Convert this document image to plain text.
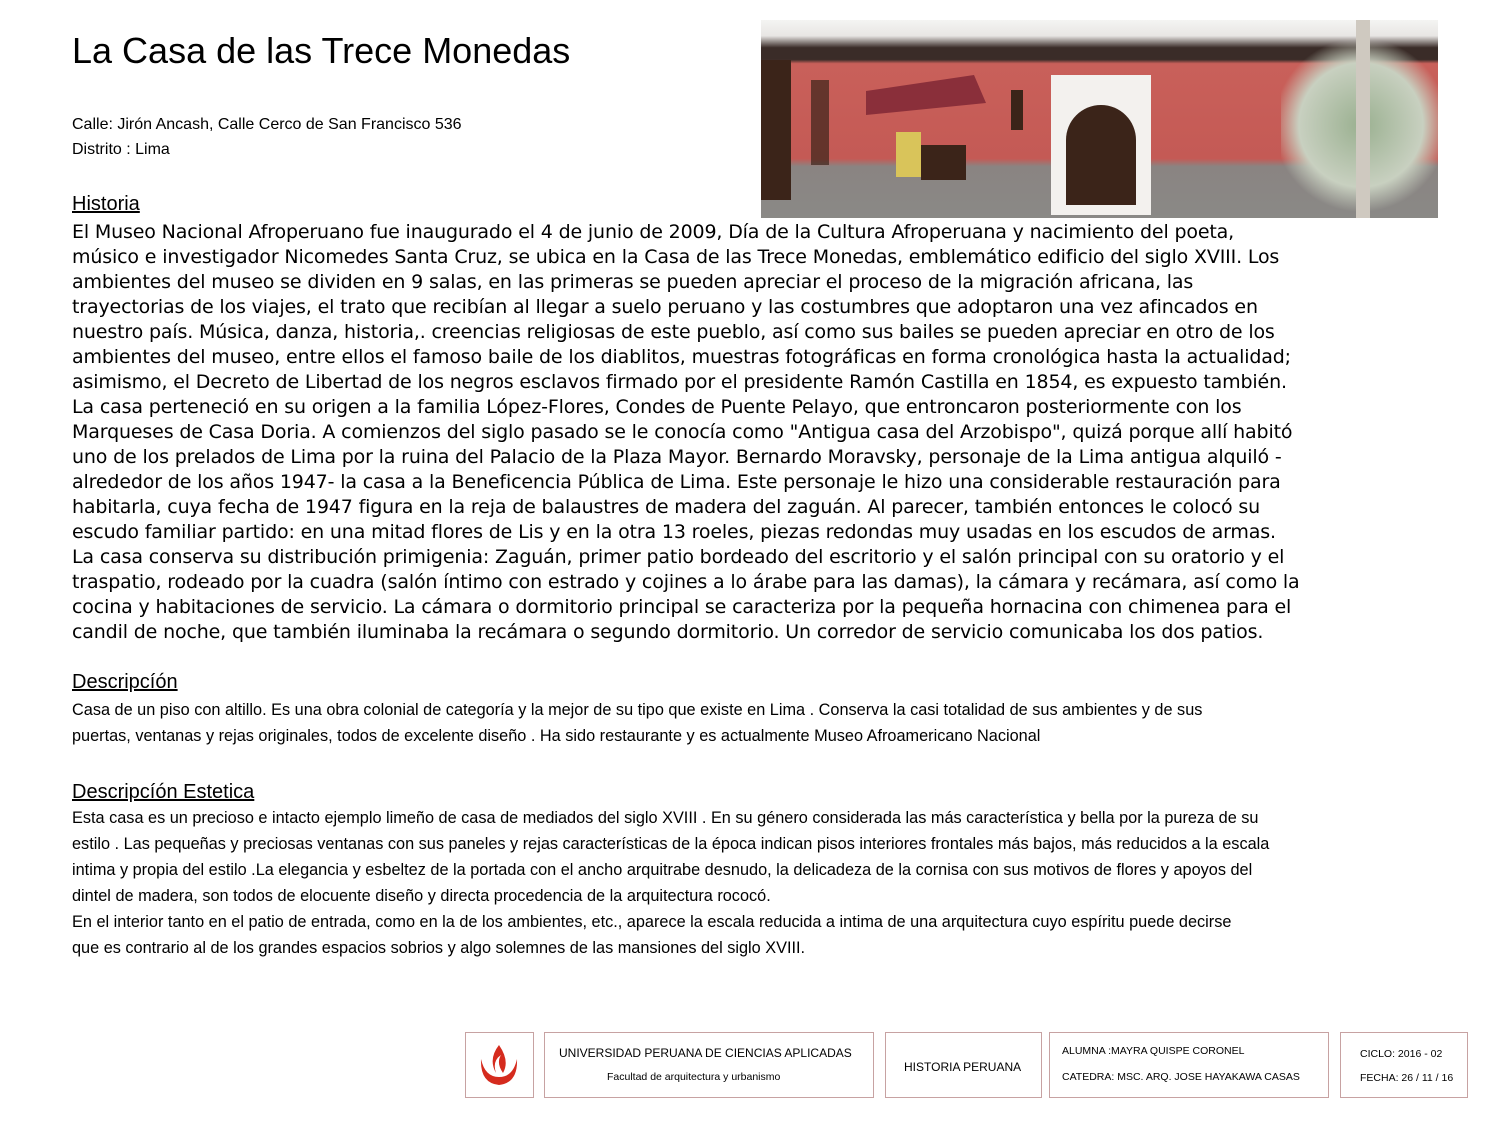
La Casa de las Trece Monedas
Calle: Jirón Ancash, Calle Cerco de San Francisco 536
Distrito : Lima
Historia
El Museo Nacional Afroperuano fue inaugurado el 4 de junio de 2009, Día de la Cultura Afroperuana y nacimiento del poeta,
músico e investigador Nicomedes Santa Cruz, se ubica en la Casa de las Trece Monedas, emblemático edificio del siglo XVIII. Los
ambientes del museo se dividen en 9 salas, en las primeras se pueden apreciar el proceso de la migración africana, las
trayectorias de los viajes, el trato que recibían al llegar a suelo peruano y las costumbres que adoptaron una vez afincados en
nuestro país. Música, danza, historia,. creencias religiosas de este pueblo, así como sus bailes se pueden apreciar en otro de los
ambientes del museo, entre ellos el famoso baile de los diablitos, muestras fotográficas en forma cronológica hasta la actualidad;
asimismo, el Decreto de Libertad de los negros esclavos firmado por el presidente Ramón Castilla en 1854, es expuesto también.
La casa perteneció en su origen a la familia López-Flores, Condes de Puente Pelayo, que entroncaron posteriormente con los
Marqueses de Casa Doria. A comienzos del siglo pasado se le conocía como "Antigua casa del Arzobispo", quizá porque allí habitó
uno de los prelados de Lima por la ruina del Palacio de la Plaza Mayor. Bernardo Moravsky, personaje de la Lima antigua alquiló -
alrededor de los años 1947- la casa a la Beneficencia Pública de Lima. Este personaje le hizo una considerable restauración para
habitarla, cuya fecha de 1947 figura en la reja de balaustres de madera del zaguán. Al parecer, también entonces le colocó su
escudo familiar partido: en una mitad flores de Lis y en la otra 13 roeles, piezas redondas muy usadas en los escudos de armas.
La casa conserva su distribución primigenia: Zaguán, primer patio bordeado del escritorio y el salón principal con su oratorio y el
traspatio, rodeado por la cuadra (salón íntimo con estrado y cojines a lo árabe para las damas), la cámara y recámara, así como la
cocina y habitaciones de servicio. La cámara o dormitorio principal se caracteriza por la pequeña hornacina con chimenea para el
candil de noche, que también iluminaba la recámara o segundo dormitorio. Un corredor de servicio comunicaba los dos patios.
Descripcíón
Casa de un piso con altillo. Es una obra colonial de categoría y la mejor de su tipo que existe en Lima . Conserva la casi totalidad de sus ambientes y de sus
puertas, ventanas y rejas originales, todos de excelente diseño . Ha sido restaurante y es actualmente Museo Afroamericano Nacional
Descripcíón Estetica
Esta casa es un precioso e intacto ejemplo limeño de casa de mediados del siglo XVIII . En su género considerada las más característica y bella por la pureza de su
estilo . Las pequeñas y preciosas ventanas con sus paneles y rejas características de la época indican pisos interiores frontales más bajos, más reducidos a la escala
intima y propia del estilo .La elegancia y esbeltez de la portada con el ancho arquitrabe desnudo, la delicadeza de la cornisa con sus motivos de flores y apoyos del
dintel de madera, son todos de elocuente diseño y directa procedencia de la arquitectura rococó.
En el interior tanto en el patio de entrada, como en la de los ambientes, etc., aparece la escala reducida a intima de una arquitectura cuyo espíritu puede decirse
que es contrario al de los grandes espacios sobrios y algo solemnes de las mansiones del siglo XVIII.
UNIVERSIDAD PERUANA DE CIENCIAS APLICADAS
Facultad de arquitectura y urbanismo
HISTORIA PERUANA
ALUMNA :MAYRA QUISPE CORONEL
CATEDRA: MSC. ARQ. JOSE HAYAKAWA CASAS
CICLO: 2016 - 02
FECHA: 26 / 11 / 16
